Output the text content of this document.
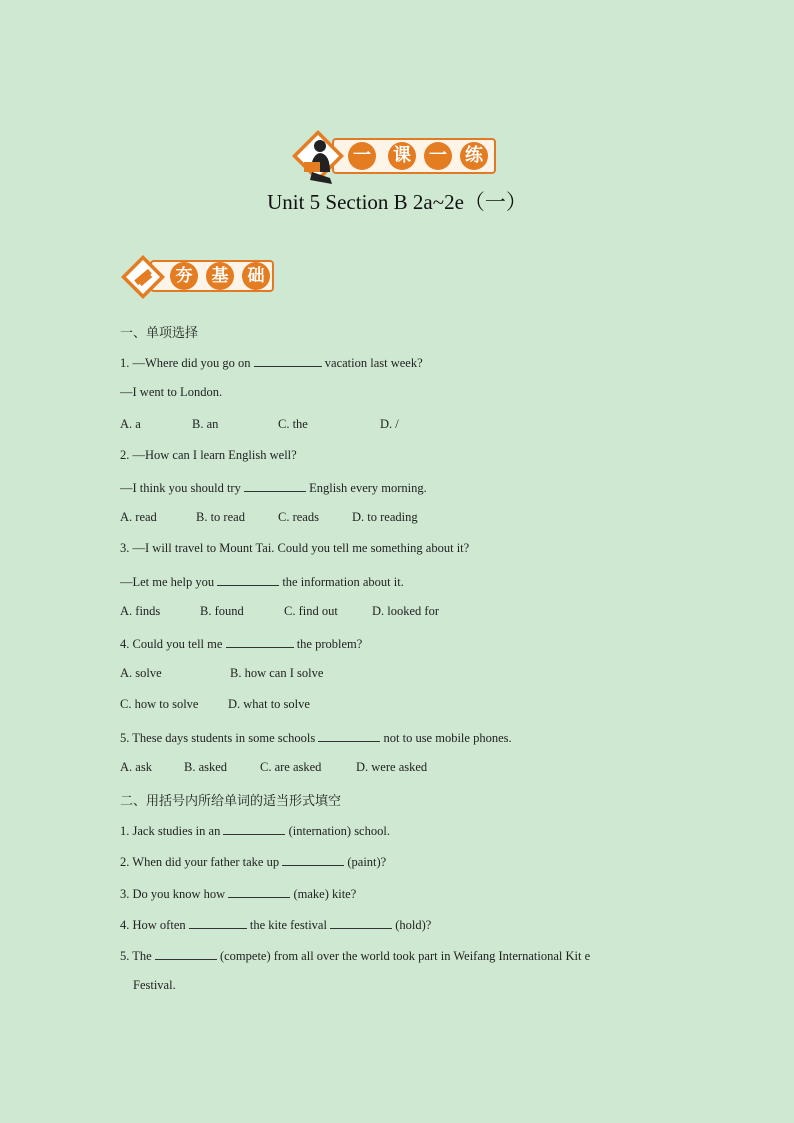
一 课 一 练
Unit 5 Section B 2a~2e（一）
夯	基	础
一、单项选择
1. —Where did you go on	vacation last week?
—I went to London.
A. a	B. an	C. the	D. /
2. —How can I learn English well?
—I think you should try	English every morning.
A. read	B. to read	C. reads	D. to reading
3. —I will travel to Mount Tai. Could you tell me something about it?
—Let me help you	the information about it.
A. finds	B. found	C. find out	D. looked for
4. Could you tell me	the problem?
A. solve	B. how can I solve
C. how to solve D. what to solve
5. These days students in some schools	not to use mobile phones.
A. ask	B. asked	C. are asked	D. were asked
二、用括号内所给单词的适当形式填空
1. Jack studies in an	(internation) school.
2. When did your father take up	(paint)?
3. Do you know how	(make) kite?
4. How often	the kite festival	(hold)?
5. The	(compete) from all over the world took part in Weifang International Kit e
Festival.
